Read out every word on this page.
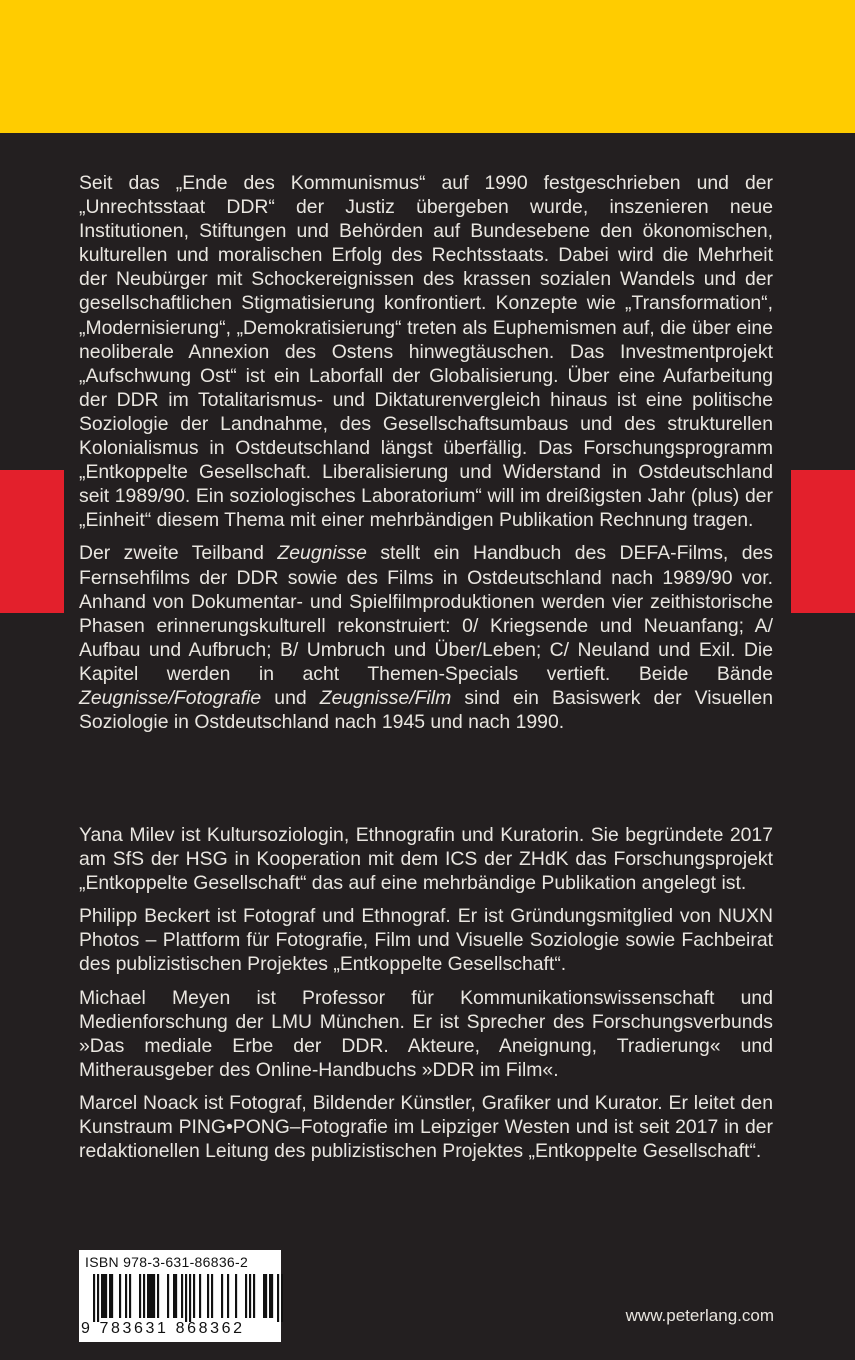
Seit das „Ende des Kommunismus“ auf 1990 festgeschrieben und der „Unrechtsstaat DDR“ der Justiz übergeben wurde, inszenieren neue Institutionen, Stiftungen und Behörden auf Bundesebene den ökonomischen, kulturellen und moralischen Erfolg des Rechtsstaats. Dabei wird die Mehrheit der Neubürger mit Schockereignissen des krassen sozialen Wandels und der gesellschaftlichen Stigmatisierung konfrontiert. Konzepte wie „Transformation“, „Modernisierung“, „Demokratisierung“ treten als Euphemismen auf, die über eine neoliberale Annexion des Ostens hinwegtäuschen. Das Investmentprojekt „Aufschwung Ost“ ist ein Laborfall der Globalisierung. Über eine Aufarbeitung der DDR im Totalitarismus- und Diktaturenvergleich hinaus ist eine politische Soziologie der Landnahme, des Gesellschaftsumbaus und des strukturellen Kolonialismus in Ostdeutschland längst überfällig. Das Forschungsprogramm „Entkoppelte Gesellschaft. Liberalisierung und Widerstand in Ostdeutschland seit 1989/90. Ein soziologisches Laboratorium“ will im dreißigsten Jahr (plus) der „Einheit“ diesem Thema mit einer mehrbändigen Publikation Rechnung tragen.

Der zweite Teilband Zeugnisse stellt ein Handbuch des DEFA-Films, des Fernsehfilms der DDR sowie des Films in Ostdeutschland nach 1989/90 vor. Anhand von Dokumentar- und Spielfilmproduktionen werden vier zeithistorische Phasen erinnerungskulturell rekonstruiert: 0/ Kriegsende und Neuanfang; A/ Aufbau und Aufbruch; B/ Umbruch und Über/Leben; C/ Neuland und Exil. Die Kapitel werden in acht Themen-Specials vertieft. Beide Bände Zeugnisse/Fotografie und Zeugnisse/Film sind ein Basiswerk der Visuellen Soziologie in Ostdeutschland nach 1945 und nach 1990.

Yana Milev ist Kultursoziologin, Ethnografin und Kuratorin. Sie begründete 2017 am SfS der HSG in Kooperation mit dem ICS der ZHdK das Forschungsprojekt „Entkoppelte Gesellschaft“ das auf eine mehrbändige Publikation angelegt ist.

Philipp Beckert ist Fotograf und Ethnograf. Er ist Gründungsmitglied von NUXN Photos – Plattform für Fotografie, Film und Visuelle Soziologie sowie Fachbeirat des publizistischen Projektes „Entkoppelte Gesellschaft“.

Michael Meyen ist Professor für Kommunikationswissenschaft und Medienforschung der LMU München. Er ist Sprecher des Forschungsverbunds »Das mediale Erbe der DDR. Akteure, Aneignung, Tradierung« und Mitherausgeber des Online-Handbuchs »DDR im Film«.

Marcel Noack ist Fotograf, Bildender Künstler, Grafiker und Kurator. Er leitet den Kunstraum PING•PONG–Fotografie im Leipziger Westen und ist seit 2017 in der redaktionellen Leitung des publizistischen Projektes „Entkoppelte Gesellschaft“.

ISBN 978-3-631-86836-2
9 783631 868362
www.peterlang.com
